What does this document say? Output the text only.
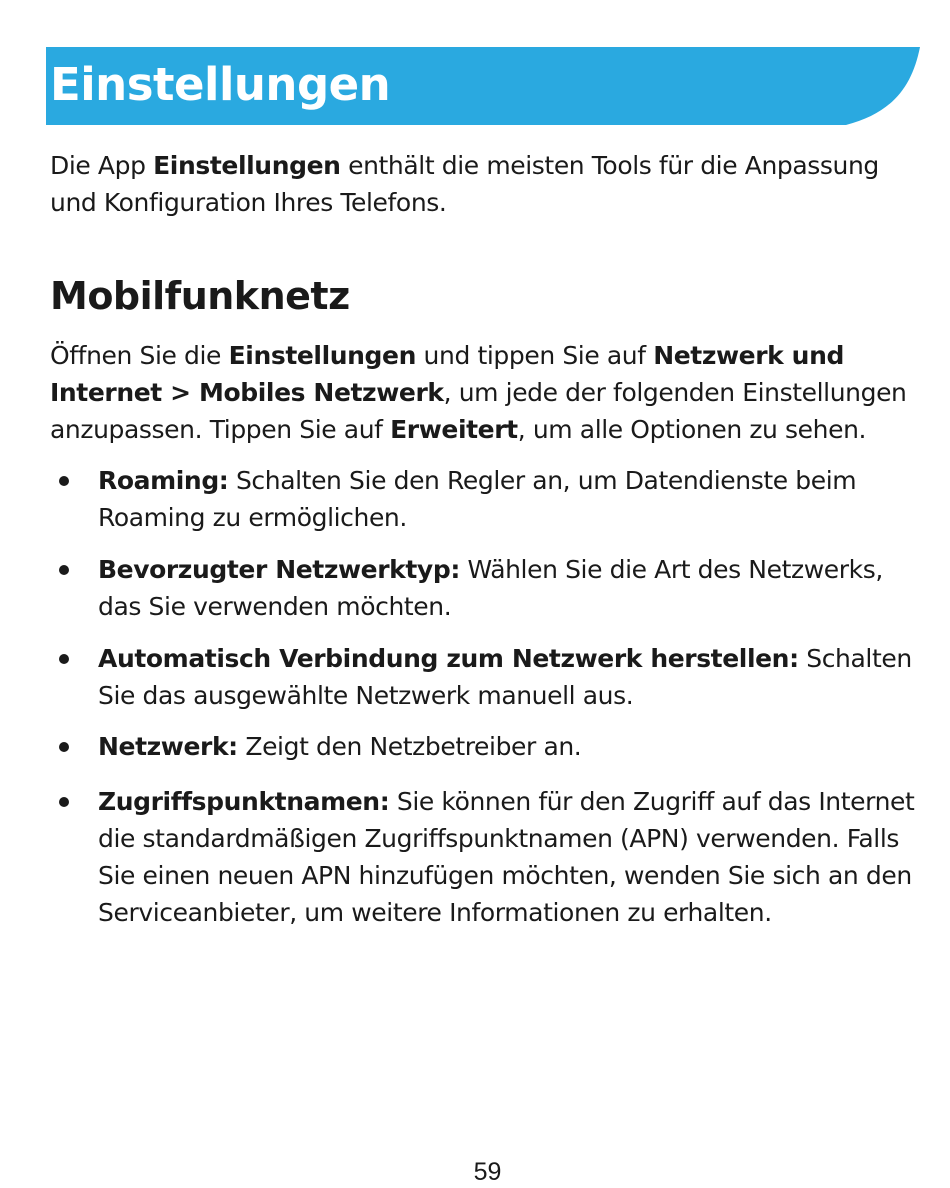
Einstellungen
Die App Einstellungen enthält die meisten Tools für die Anpassung und Konfiguration Ihres Telefons.
Mobilfunknetz
Öffnen Sie die Einstellungen und tippen Sie auf Netzwerk und Internet > Mobiles Netzwerk, um jede der folgenden Einstellungen anzupassen. Tippen Sie auf Erweitert, um alle Optionen zu sehen.
Roaming: Schalten Sie den Regler an, um Datendienste beim Roaming zu ermöglichen.
Bevorzugter Netzwerktyp: Wählen Sie die Art des Netzwerks, das Sie verwenden möchten.
Automatisch Verbindung zum Netzwerk herstellen: Schalten Sie das ausgewählte Netzwerk manuell aus.
Netzwerk: Zeigt den Netzbetreiber an.
Zugriffspunktnamen: Sie können für den Zugriff auf das Internet die standardmäßigen Zugriffspunktnamen (APN) verwenden. Falls Sie einen neuen APN hinzufügen möchten, wenden Sie sich an den Serviceanbieter, um weitere Informationen zu erhalten.
59
